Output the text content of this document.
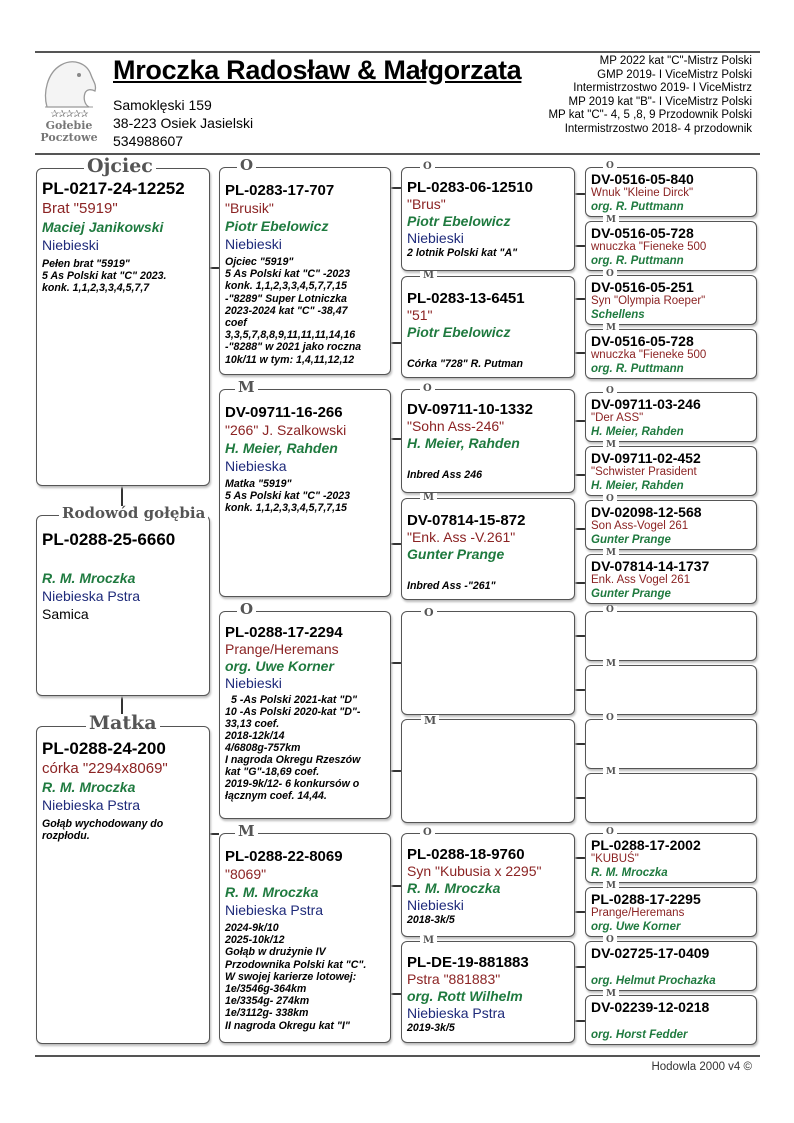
✰✰✰✰✰
Gołebie
Pocztowe
Mroczka Radosław & Małgorzata
Samoklęski 159
38-223 Osiek Jasielski
534988607
MP 2022 kat "C"-Mistrz Polski
GMP 2019- I ViceMistrz Polski
Intermistrzostwo 2019- I ViceMistrz
MP 2019 kat "B"- I ViceMistrz Polski
MP kat "C"- 4, 5 ,8, 9 Przodownik Polski
Intermistrzostwo 2018- 4 przodownik
PL-0217-24-12252
Brat "5919"
Maciej Janikowski
Niebieski
Pełen brat "5919"
5 As Polski kat "C" 2023.
konk. 1,1,2,3,3,4,5,7,7
Ojciec
PL-0288-25-6660
R. M. Mroczka
Niebieska Pstra
Samica
Rodowód gołębia
PL-0288-24-200
córka "2294x8069"
R. M. Mroczka
Niebieska Pstra
Gołąb wychodowany do
rozpłodu.
Matka
PL-0283-17-707
"Brusik"
Piotr Ebelowicz
Niebieski
Ojciec "5919"
5 As Polski kat "C" -2023
konk. 1,1,2,3,3,4,5,7,7,15
-"8289" Super Lotniczka
2023-2024 kat "C" -38,47
coef
3,3,5,7,8,8,9,11,11,11,14,16
-"8288" w 2021 jako roczna
10k/11 w tym: 1,4,11,12,12
O
DV-09711-16-266
"266" J. Szalkowski
H. Meier, Rahden
Niebieska
Matka "5919"
5 As Polski kat "C" -2023
konk. 1,1,2,3,3,4,5,7,7,15
M
PL-0288-17-2294
Prange/Heremans
org. Uwe Korner
Niebieski
5 -As Polski 2021-kat "D"
10 -As Polski 2020-kat "D"-
33,13 coef.
2018-12k/14
4/6808g-757km
I nagroda Okregu Rzeszów
kat "G"-18,69 coef.
2019-9k/12- 6 konkursów o
łącznym coef. 14,44.
O
PL-0288-22-8069
"8069"
R. M. Mroczka
Niebieska Pstra
2024-9k/10
2025-10k/12
Gołąb w drużynie IV
Przodownika Polski kat "C".
W swojej karierze lotowej:
1e/3546g-364km
1e/3354g- 274km
1e/3112g- 338km
II nagroda Okregu kat "I"
M
PL-0283-06-12510
"Brus"
Piotr Ebelowicz
Niebieski
2 lotnik Polski kat "A"
O
PL-0283-13-6451
"51"
Piotr Ebelowicz
Córka "728" R. Putman
M
DV-09711-10-1332
"Sohn Ass-246"
H. Meier, Rahden
Inbred Ass 246
O
DV-07814-15-872
"Enk. Ass -V.261"
Gunter Prange
Inbred Ass -"261"
M
O
M
PL-0288-18-9760
Syn "Kubusia x 2295"
R. M. Mroczka
Niebieski
2018-3k/5
O
PL-DE-19-881883
Pstra "881883"
org. Rott Wilhelm
Niebieska Pstra
2019-3k/5
M
DV-0516-05-840
Wnuk "Kleine Dirck"
org. R. Puttmann
O
DV-0516-05-728
wnuczka "Fieneke 500
org. R. Puttmann
M
DV-0516-05-251
Syn "Olympia Roeper"
Schellens
O
DV-0516-05-728
wnuczka "Fieneke 500
org. R. Puttmann
M
DV-09711-03-246
"Der ASS"
H. Meier, Rahden
O
DV-09711-02-452
"Schwister Prasident
H. Meier, Rahden
M
DV-02098-12-568
Son Ass-Vogel 261
Gunter Prange
O
DV-07814-14-1737
Enk. Ass Vogel 261
Gunter Prange
M
O
M
O
M
PL-0288-17-2002
"KUBUŚ"
R. M. Mroczka
O
PL-0288-17-2295
Prange/Heremans
org. Uwe Korner
M
DV-02725-17-0409
org. Helmut Prochazka
O
DV-02239-12-0218
org. Horst Fedder
M
Hodowla 2000 v4 ©
